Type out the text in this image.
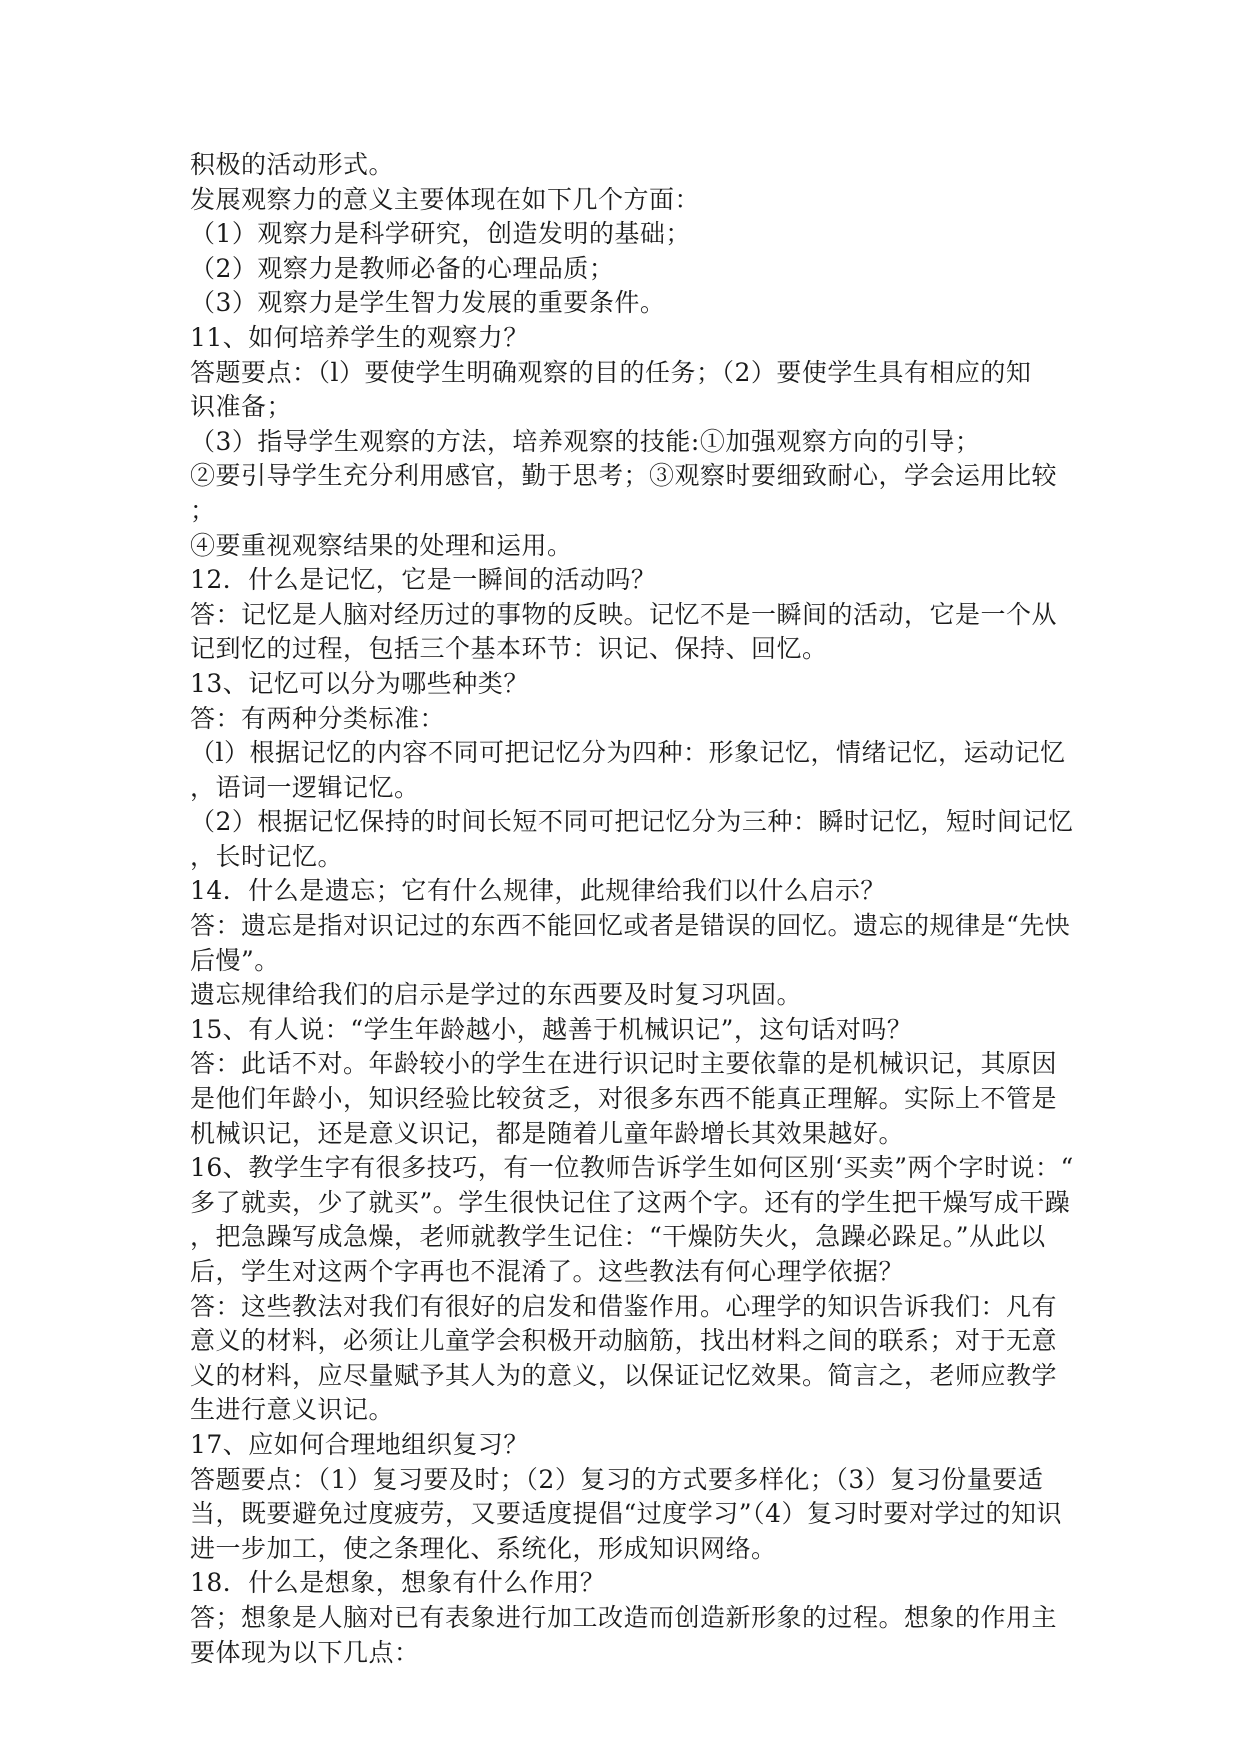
积极的活动形式。
发展观察力的意义主要体现在如下几个方面：
（1）观察力是科学研究，创造发明的基础；
（2）观察力是教师必备的心理品质；
（3）观察力是学生智力发展的重要条件。
11、如何培养学生的观察力？
答题要点：（l）要使学生明确观察的目的任务；（2）要使学生具有相应的知
识准备；
（3）指导学生观察的方法，培养观察的技能:①加强观察方向的引导；
②要引导学生充分利用感官，勤于思考；③观察时要细致耐心，学会运用比较
；
④要重视观察结果的处理和运用。
12．什么是记忆，它是一瞬间的活动吗？
答：记忆是人脑对经历过的事物的反映。记忆不是一瞬间的活动，它是一个从
记到忆的过程，包括三个基本环节：识记、保持、回忆。
13、记忆可以分为哪些种类？
答：有两种分类标准：
（l）根据记忆的内容不同可把记忆分为四种：形象记忆，情绪记忆，运动记忆
，语词一逻辑记忆。
（2）根据记忆保持的时间长短不同可把记忆分为三种：瞬时记忆，短时间记忆
，长时记忆。
14．什么是遗忘；它有什么规律，此规律给我们以什么启示？
答：遗忘是指对识记过的东西不能回忆或者是错误的回忆。遗忘的规律是“先快
后慢”。
遗忘规律给我们的启示是学过的东西要及时复习巩固。
15、有人说：“学生年龄越小，越善于机械识记”，这句话对吗？
答：此话不对。年龄较小的学生在进行识记时主要依靠的是机械识记，其原因
是他们年龄小，知识经验比较贫乏，对很多东西不能真正理解。实际上不管是
机械识记，还是意义识记，都是随着儿童年龄增长其效果越好。
16、教学生字有很多技巧，有一位教师告诉学生如何区别‘买卖”两个字时说：“
多了就卖，少了就买”。学生很快记住了这两个字。还有的学生把干燥写成干躁
，把急躁写成急燥，老师就教学生记住：“干燥防失火，急躁必跺足。”从此以
后，学生对这两个字再也不混淆了。这些教法有何心理学依据？
答：这些教法对我们有很好的启发和借鉴作用。心理学的知识告诉我们：凡有
意义的材料，必须让儿童学会积极开动脑筋，找出材料之间的联系；对于无意
义的材料，应尽量赋予其人为的意义，以保证记忆效果。简言之，老师应教学
生进行意义识记。
17、应如何合理地组织复习？
答题要点：（1）复习要及时；（2）复习的方式要多样化；（3）复习份量要适
当，既要避免过度疲劳，又要适度提倡“过度学习”（4）复习时要对学过的知识
进一步加工，使之条理化、系统化，形成知识网络。
18．什么是想象，想象有什么作用？
答；想象是人脑对已有表象进行加工改造而创造新形象的过程。想象的作用主
要体现为以下几点：
